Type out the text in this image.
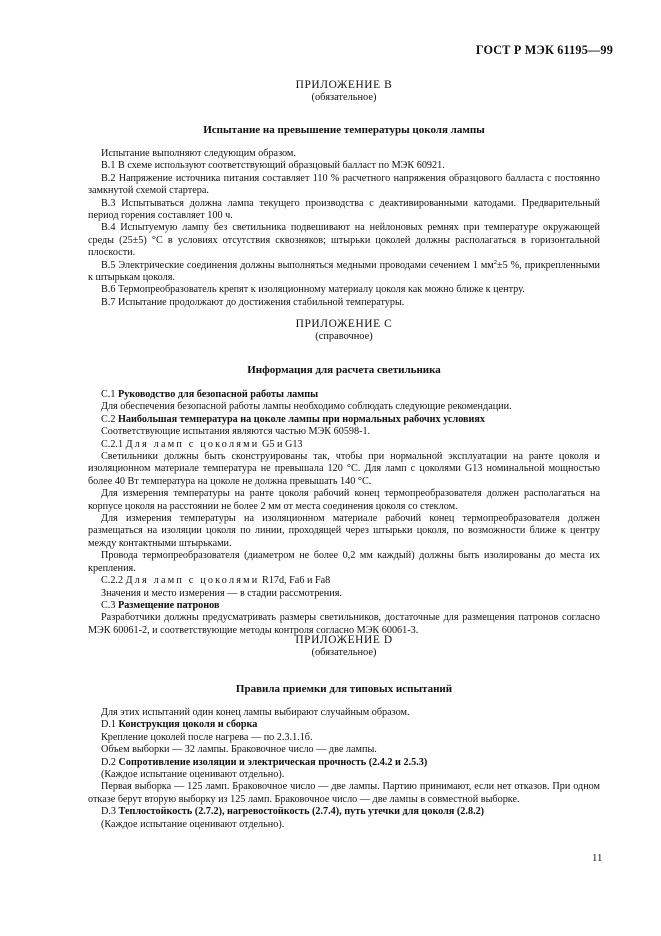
ГОСТ Р МЭК 61195—99
ПРИЛОЖЕНИЕ В
(обязательное)
Испытание на превышение температуры цоколя лампы

Испытание выполняют следующим образом.

В.1 В схеме используют соответствующий образцовый балласт по МЭК 60921.

В.2 Напряжение источника питания составляет 110 % расчетного напряжения образцового балласта с постоянно замкнутой схемой стартера.

В.3 Испытываться должна лампа текущего производства с деактивированными катодами. Предварительный период горения составляет 100 ч.

В.4 Испытуемую лампу без светильника подвешивают на нейлоновых ремнях при температуре окружающей среды (25±5) °С в условиях отсутствия сквозняков; штырьки цоколей должны располагаться в горизонтальной плоскости.

В.5 Электрические соединения должны выполняться медными проводами сечением 1 $мм^2\pm 5$ %, прикрепленными к штырькам цоколя.

В.6 Термопреобразователь крепят к изоляционному материалу цоколя как можно ближе к центру.

В.7 Испытание продолжают до достижения стабильной температуры.

ПРИЛОЖЕНИЕ С
(справочное)
Информация для расчета светильника

С.1 Руководство для безопасной работы лампы

Для обеспечения безопасной работы лампы необходимо соблюдать следующие рекомендации.

С.2 Наибольшая температура на цоколе лампы при нормальных рабочих условиях

Соответствующие испытания являются частью МЭК 60598-1.

С.2.1 Для ламп с цоколями G5 и G13

Светильники должны быть сконструированы так, чтобы при нормальной эксплуатации на ранте цоколя и изоляционном материале температура не превышала 120 °С. Для ламп с цоколями G13 номинальной мощностью более 40 Вт температура на цоколе не должна превышать 140 °С.

Для измерения температуры на ранте цоколя рабочий конец термопреобразователя должен располагаться на корпусе цоколя на расстоянии не более 2 мм от места соединения цоколя со стеклом.

Для измерения температуры на изоляционном материале рабочий конец термопреобразователя должен размещаться на изоляции цоколя по линии, проходящей через штырьки цоколя, по возможности ближе к центру между контактными штырьками.

Провода термопреобразователя (диаметром не более 0,2 мм каждый) должны быть изолированы до места их крепления.

С.2.2 Для ламп с цоколями R17d, Fa6 и Fa8

Значения и место измерения — в стадии рассмотрения.

С.3 Размещение патронов

Разработчики должны предусматривать размеры светильников, достаточные для размещения патронов согласно МЭК 60061-2, и соответствующие методы контроля согласно МЭК 60061-3.

ПРИЛОЖЕНИЕ D
(обязательное)
Правила приемки для типовых испытаний

Для этих испытаний один конец лампы выбирают случайным образом.

D.1 Конструкция цоколя и сборка

Крепление цоколей после нагрева — по 2.3.1.1б.

Объем выборки — 32 лампы. Браковочное число — две лампы.

D.2 Сопротивление изоляции и электрическая прочность (2.4.2 и 2.5.3)

(Каждое испытание оценивают отдельно).

Первая выборка — 125 ламп. Браковочное число — две лампы. Партию принимают, если нет отказов. При одном отказе берут вторую выборку из 125 ламп. Браковочное число — две лампы в совместной выборке.

D.3 Теплостойкость (2.7.2), нагревостойкость (2.7.4), путь утечки для цоколя (2.8.2)

(Каждое испытание оценивают отдельно).

11
